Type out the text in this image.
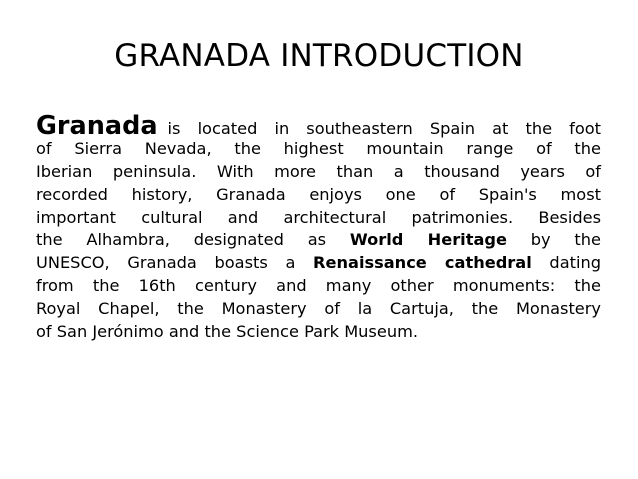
GRANADA INTRODUCTION
Granada is located in southeastern Spain at the foot
of Sierra Nevada, the highest mountain range of the
Iberian peninsula. With more than a thousand years of
recorded history, Granada enjoys one of Spain's most
important cultural and architectural patrimonies. Besides
the Alhambra, designated as World Heritage by the
UNESCO, Granada boasts a Renaissance cathedral dating
from the 16th century and many other monuments: the
Royal Chapel, the Monastery of la Cartuja, the Monastery
of San Jerónimo and the Science Park Museum.
